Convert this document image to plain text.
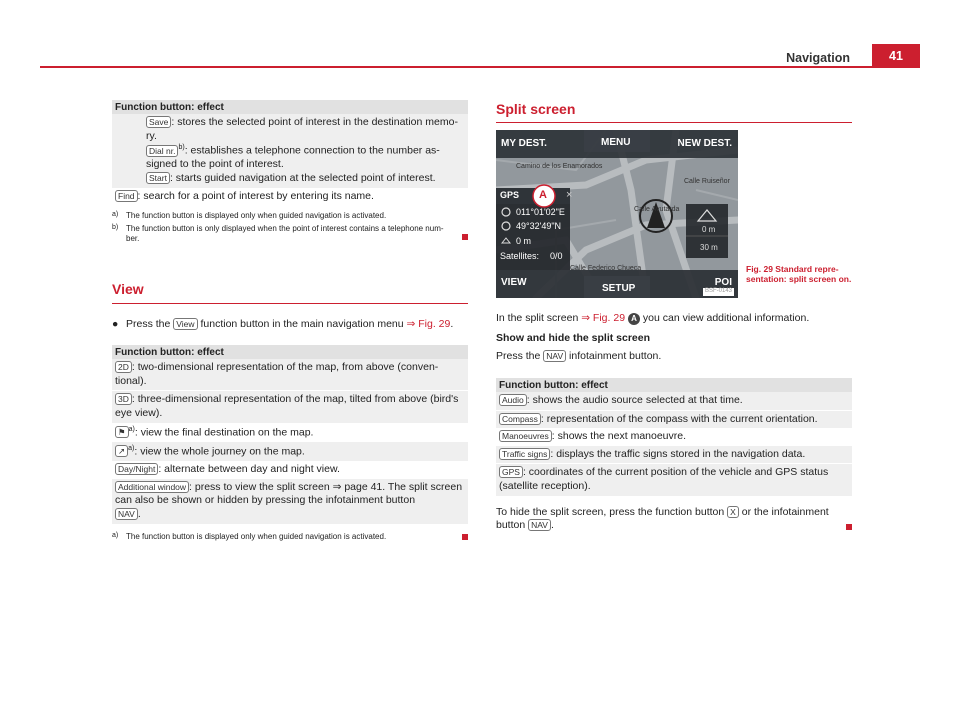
Navigation	41
Function button: effect
Save : stores the selected point of interest in the destination memo-ry.
Dial nr. $^{b)}$: establishes a telephone connection to the number as-signed to the point of interest.
Start : starts guided navigation at the selected point of interest.
Find : search for a point of interest by entering its name.
a) The function button is displayed only when guided navigation is activated.
b) The function button is only displayed when the point of interest contains a telephone num-ber.
View
● Press the View function button in the main navigation menu ⇒ Fig. 29.
Function button: effect
2D : two-dimensional representation of the map, from above (conven-tional).
3D : three-dimensional representation of the map, tilted from above (bird's eye view).
⚑ $^{a)}$: view the final destination on the map.
↗ $^{a)}$: view the whole journey on the map.
Day/Night : alternate between day and night view.
Additional window : press to view the split screen ⇒ page 41. The split screen can also be shown or hidden by pressing the infotainment button
NAV .
a) The function button is displayed only when guided navigation is activated.
Split screen
MY DEST.	MENU	NEW DEST.
Camino de los Enamorados
Calle Ruiseñor
Calle Avutarda
Calle Federico Chueca
GPS	×
A
011°01'02"E
49°32'49"N
0 m
Satellites: 0/0
0 m
30 m
VIEW
SETUP
POI
BSF-0143
Fig. 29 Standard repre-sentation: split screen on.
In the split screen ⇒ Fig. 29 A you can view additional information.
Show and hide the split screen
Press the NAV infotainment button.
Function button: effect
Audio : shows the audio source selected at that time.
Compass : representation of the compass with the current orientation.
Manoeuvres : shows the next manoeuvre.
Traffic signs : displays the traffic signs stored in the navigation data.
GPS : coordinates of the current position of the vehicle and GPS status (satellite reception).
To hide the split screen, press the function button X or the infotainment button NAV .
